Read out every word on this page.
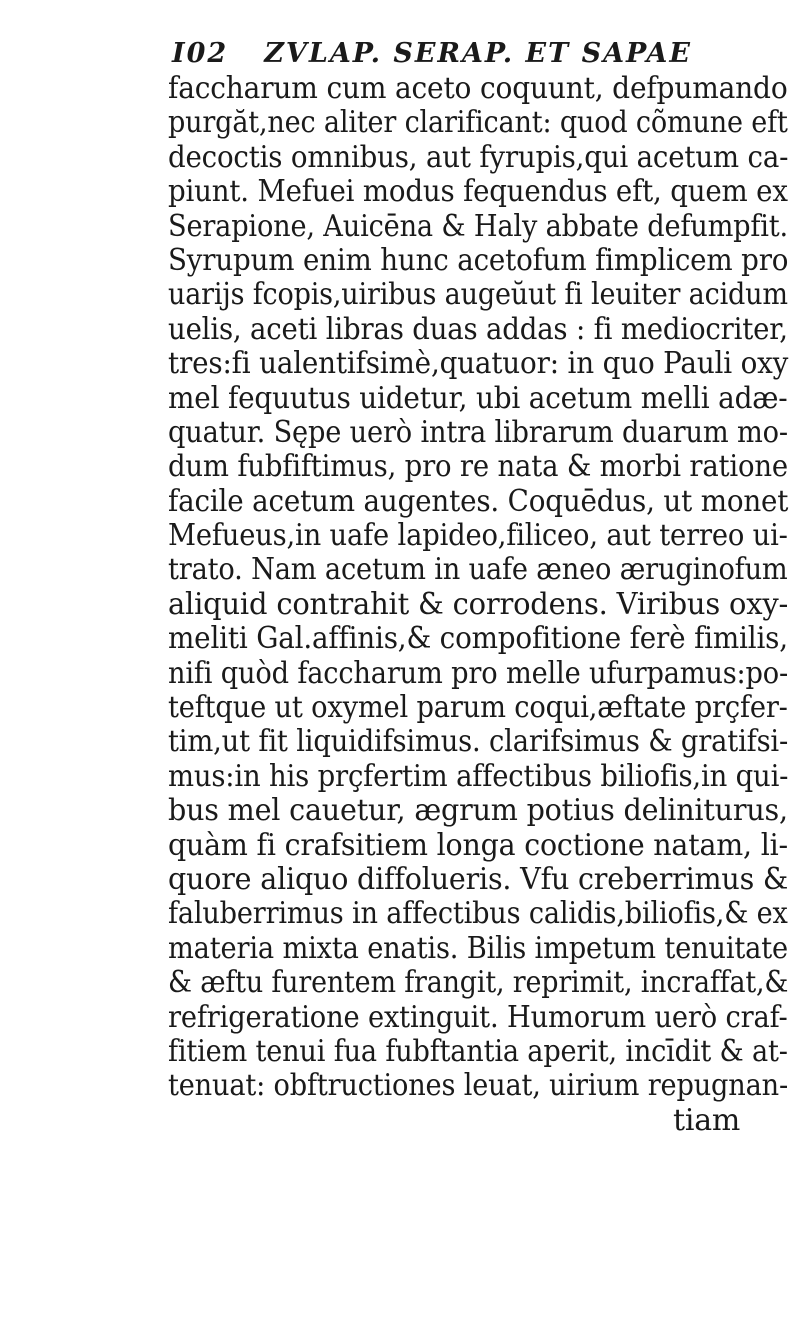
I02 ZVLAP. SERAP. ET SAPAE
faccharum cum aceto coquunt, defpumando
purgăt,nec aliter clarificant: quod cõmune eft
decoctis omnibus, aut fyrupis,qui acetum ca-
piunt. Mefuei modus fequendus eft, quem ex
Serapione, Auicēna & Haly abbate defumpfit.
Syrupum enim hunc acetofum fimplicem pro
uarijs fcopis,uiribus augeŭut fi leuiter acidum
uelis, aceti libras duas addas : fi mediocriter,
tres:fi ualentifsimè,quatuor: in quo Pauli oxy
mel fequutus uidetur, ubi acetum melli adæ-
quatur. Sępe uerò intra librarum duarum mo-
dum fubfiftimus, pro re nata & morbi ratione
facile acetum augentes. Coquēdus, ut monet
Mefueus,in uafe lapideo,filiceo, aut terreo ui-
trato. Nam acetum in uafe æneo æruginofum
aliquid contrahit & corrodens. Viribus oxy-
meliti Gal.affinis,& compofitione ferè fimilis,
nifi quòd faccharum pro melle ufurpamus:po-
teftque ut oxymel parum coqui,æftate prçfer-
tim,ut fit liquidifsimus. clarifsimus & gratifsi-
mus:in his prçfertim affectibus biliofis,in qui-
bus mel cauetur, ægrum potius deliniturus,
quàm fi crafsitiem longa coctione natam, li-
quore aliquo diffolueris. Vfu creberrimus &
faluberrimus in affectibus calidis,biliofis,& ex
materia mixta enatis. Bilis impetum tenuitate
& æftu furentem frangit, reprimit, incraffat,&
refrigeratione extinguit. Humorum uerò craf-
fitiem tenui fua fubftantia aperit, incīdit & at-
tenuat: obftructiones leuat, uirium repugnan-
tiam
